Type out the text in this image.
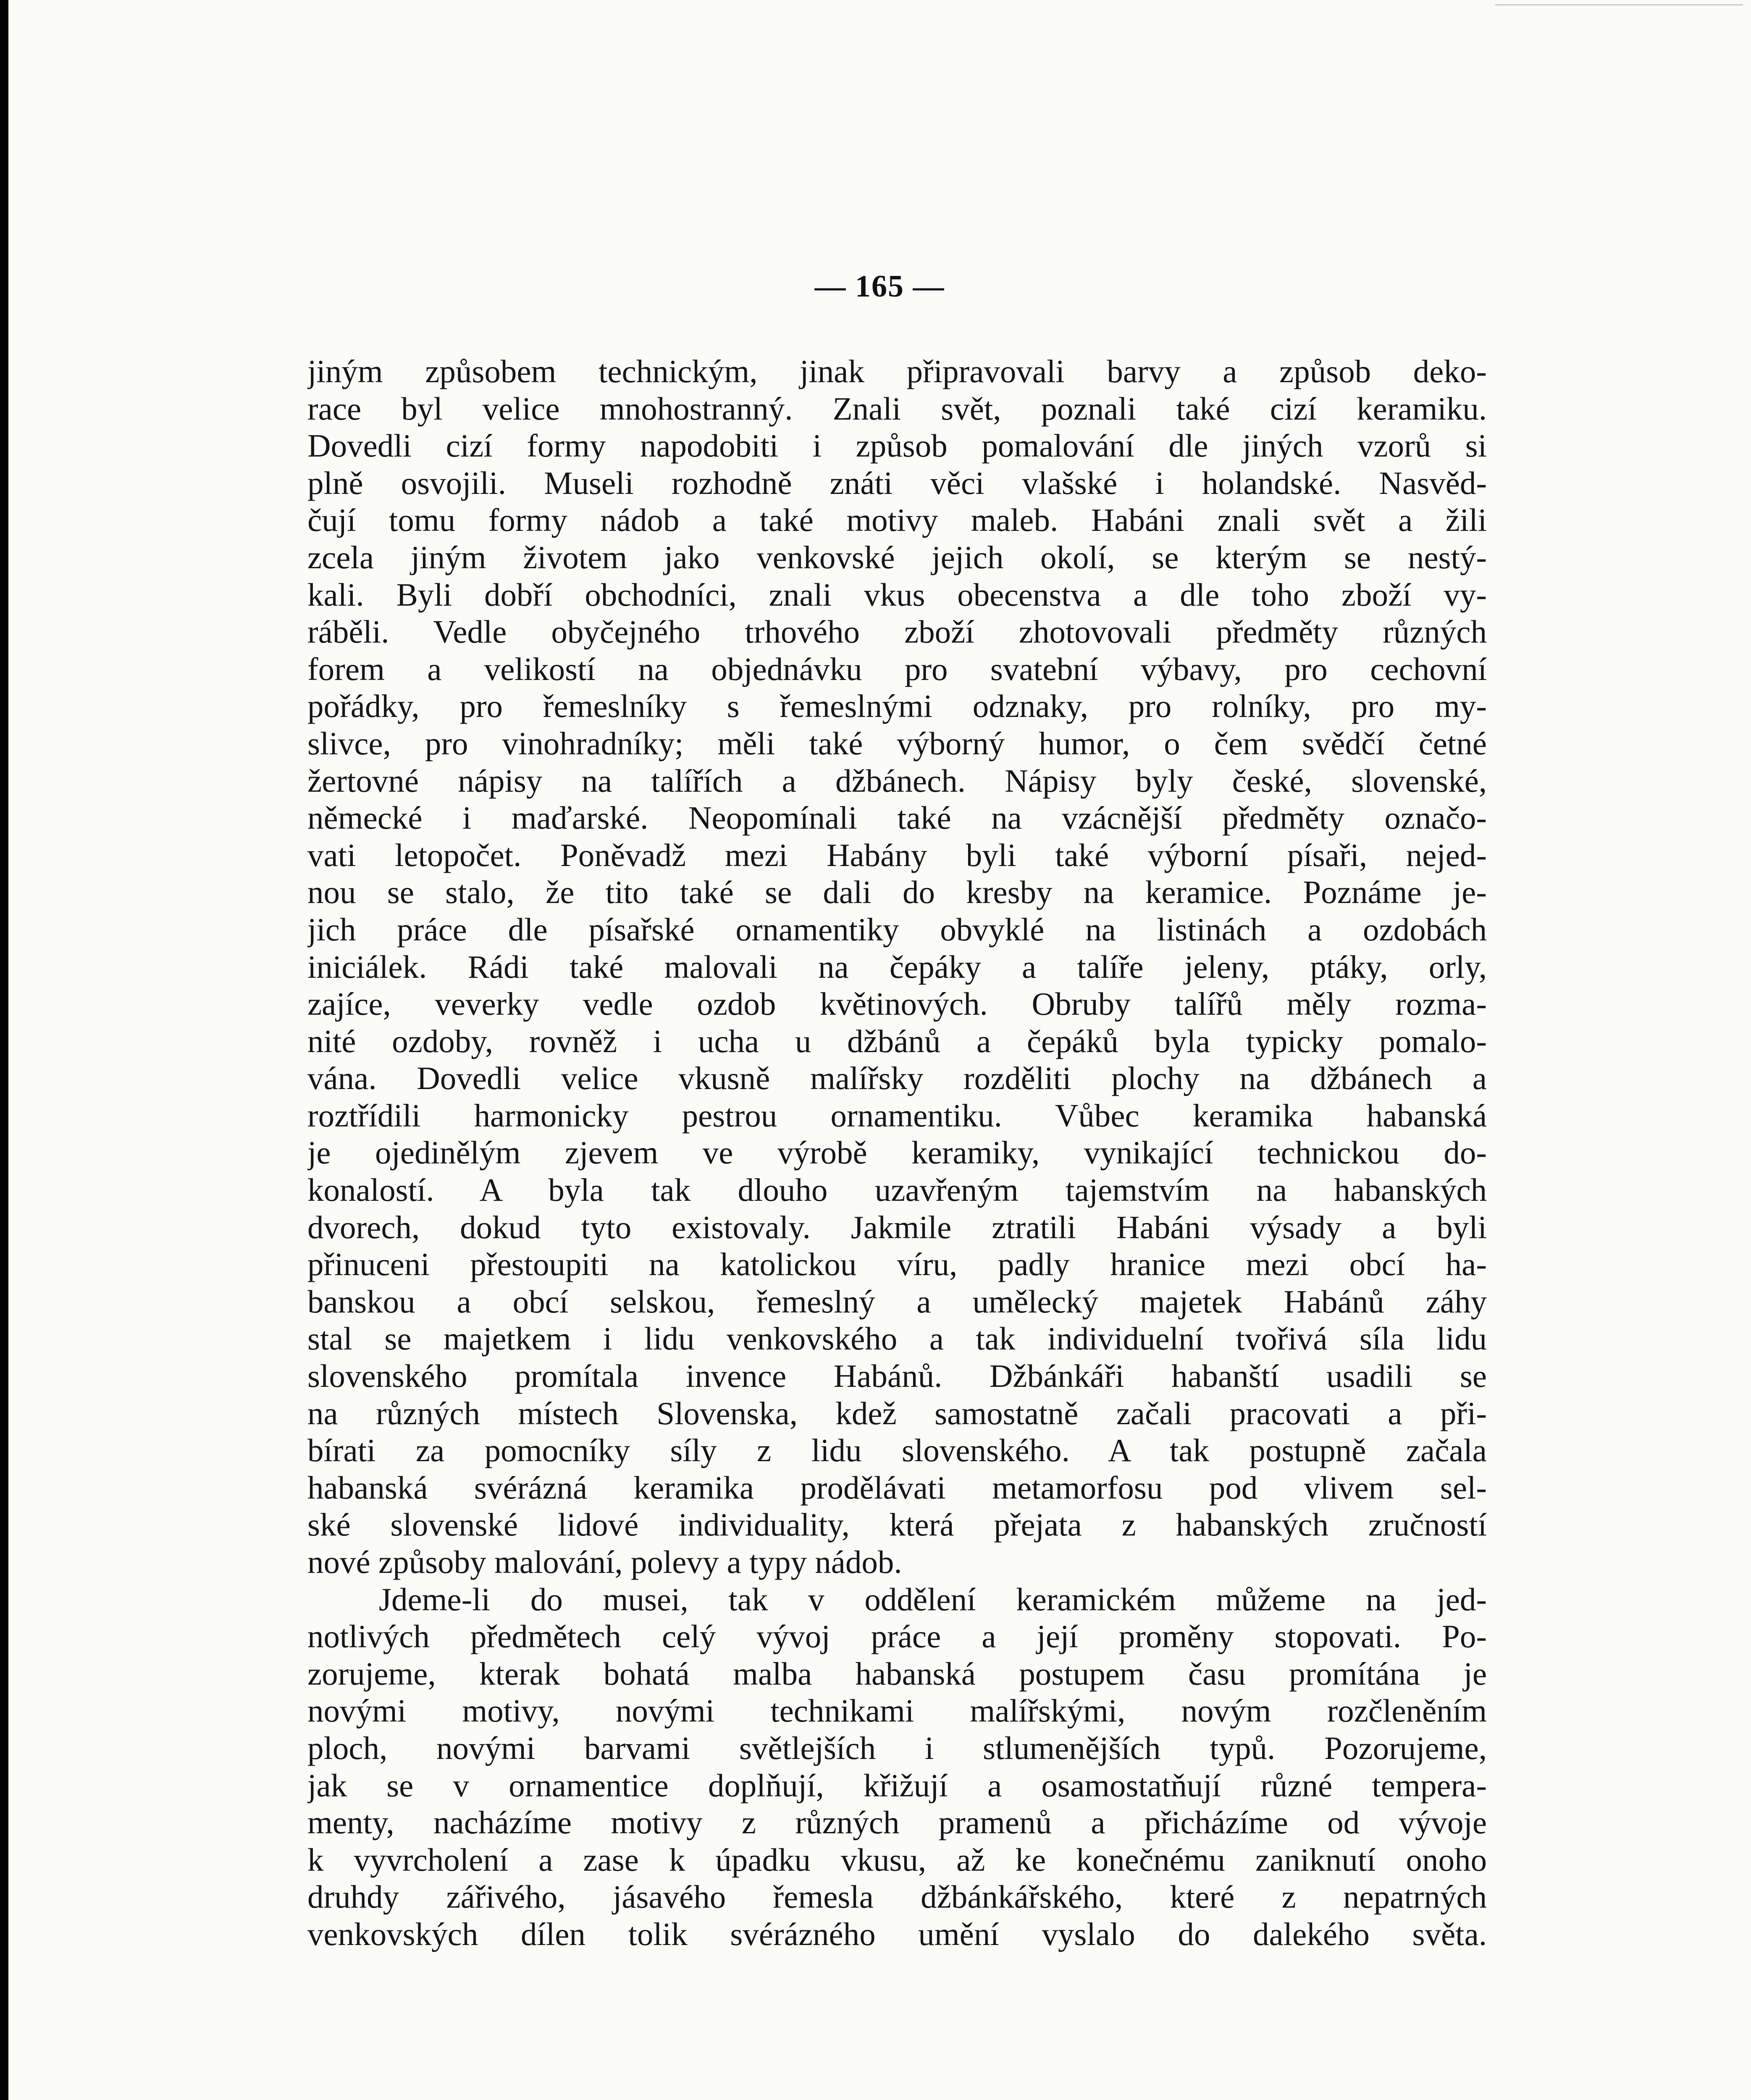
— 165 —

jiným způsobem technickým, jinak připravovali barvy a způsob deko-

race byl velice mnohostranný. Znali svět, poznali také cizí keramiku.

Dovedli cizí formy napodobiti i způsob pomalování dle jiných vzorů si

plně osvojili. Museli rozhodně znáti věci vlašské i holandské. Nasvěd-

čují tomu formy nádob a také motivy maleb. Habáni znali svět a žili

zcela jiným životem jako venkovské jejich okolí, se kterým se nestý-

kali. Byli dobří obchodníci, znali vkus obecenstva a dle toho zboží vy-

ráběli. Vedle obyčejného trhového zboží zhotovovali předměty různých

forem a velikostí na objednávku pro svatební výbavy, pro cechovní

pořádky, pro řemeslníky s řemeslnými odznaky, pro rolníky, pro my-

slivce, pro vinohradníky; měli také výborný humor, o čem svědčí četné

žertovné nápisy na talířích a džbánech. Nápisy byly české, slovenské,

německé i maďarské. Neopomínali také na vzácnější předměty označo-

vati letopočet. Poněvadž mezi Habány byli také výborní písaři, nejed-

nou se stalo, že tito také se dali do kresby na keramice. Poznáme je-

jich práce dle písařské ornamentiky obvyklé na listinách a ozdobách

iniciálek. Rádi také malovali na čepáky a talíře jeleny, ptáky, orly,

zajíce, veverky vedle ozdob květinových. Obruby talířů měly rozma-

nité ozdoby, rovněž i ucha u džbánů a čepáků byla typicky pomalo-

vána. Dovedli velice vkusně malířsky rozděliti plochy na džbánech a

roztřídili harmonicky pestrou ornamentiku. Vůbec keramika habanská

je ojedinělým zjevem ve výrobě keramiky, vynikající technickou do-

konalostí. A byla tak dlouho uzavřeným tajemstvím na habanských

dvorech, dokud tyto existovaly. Jakmile ztratili Habáni výsady a byli

přinuceni přestoupiti na katolickou víru, padly hranice mezi obcí ha-

banskou a obcí selskou, řemeslný a umělecký majetek Habánů záhy

stal se majetkem i lidu venkovského a tak individuelní tvořivá síla lidu

slovenského promítala invence Habánů. Džbánkáři habanští usadili se

na různých místech Slovenska, kdež samostatně začali pracovati a při-

bírati za pomocníky síly z lidu slovenského. A tak postupně začala

habanská svérázná keramika prodělávati metamorfosu pod vlivem sel-

ské slovenské lidové individuality, která přejata z habanských zručností

nové způsoby malování, polevy a typy nádob.

Jdeme-li do musei, tak v oddělení keramickém můžeme na jed-

notlivých předmětech celý vývoj práce a její proměny stopovati. Po-

zorujeme, kterak bohatá malba habanská postupem času promítána je

novými motivy, novými technikami malířskými, novým rozčleněním

ploch, novými barvami světlejších i stlumenějších typů. Pozorujeme,

jak se v ornamentice doplňují, křižují a osamostatňují různé tempera-

menty, nacházíme motivy z různých pramenů a přicházíme od vývoje

k vyvrcholení a zase k úpadku vkusu, až ke konečnému zaniknutí onoho

druhdy zářivého, jásavého řemesla džbánkářského, které z nepatrných

venkovských dílen tolik svérázného umění vyslalo do dalekého světa.
